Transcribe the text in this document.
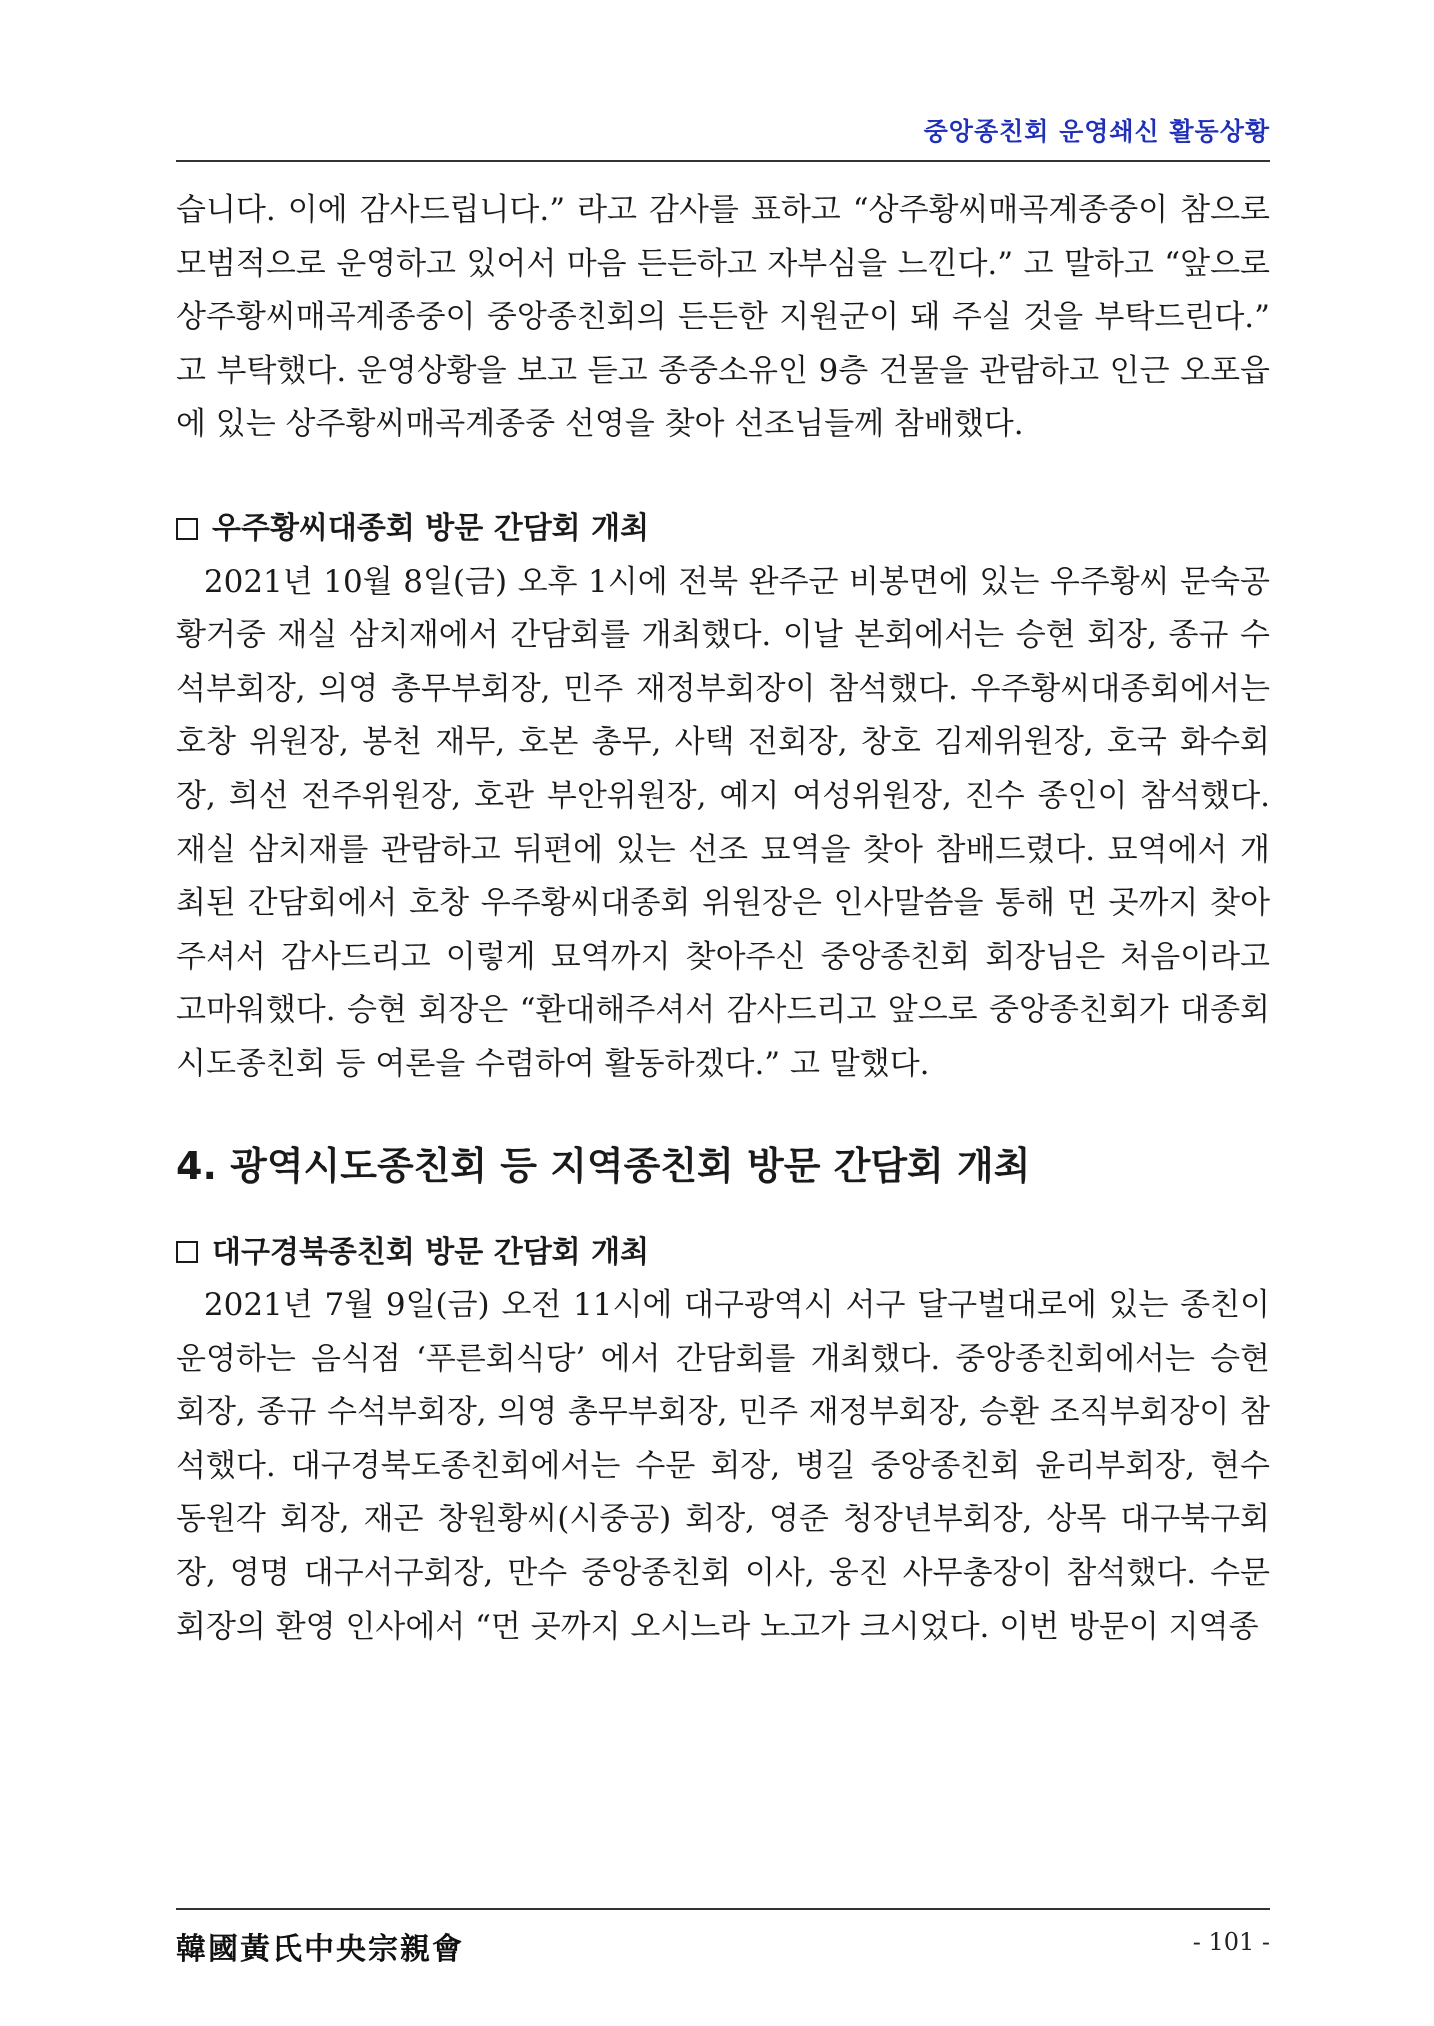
중앙종친회 운영쇄신 활동상황

습니다. 이에 감사드립니다.” 라고 감사를 표하고 “상주황씨매곡계종중이 참으로 모범적으로 운영하고 있어서 마음 든든하고 자부심을 느낀다.” 고 말하고 “앞으로 상주황씨매곡계종중이 중앙종친회의 든든한 지원군이 돼 주실 것을 부탁드린다.” 고 부탁했다. 운영상황을 보고 듣고 종중소유인 9층 건물을 관람하고 인근 오포읍에 있는 상주황씨매곡계종중 선영을 찾아 선조님들께 참배했다.

우주황씨대종회 방문 간담회 개최

2021년 10월 8일(금) 오후 1시에 전북 완주군 비봉면에 있는 우주황씨 문숙공 황거중 재실 삼치재에서 간담회를 개최했다. 이날 본회에서는 승현 회장, 종규 수석부회장, 의영 총무부회장, 민주 재정부회장이 참석했다. 우주황씨대종회에서는 호창 위원장, 봉천 재무, 호본 총무, 사택 전회장, 창호 김제위원장, 호국 화수회장, 희선 전주위원장, 호관 부안위원장, 예지 여성위원장, 진수 종인이 참석했다. 재실 삼치재를 관람하고 뒤편에 있는 선조 묘역을 찾아 참배드렸다. 묘역에서 개최된 간담회에서 호창 우주황씨대종회 위원장은 인사말씀을 통해 먼 곳까지 찾아 주셔서 감사드리고 이렇게 묘역까지 찾아주신 중앙종친회 회장님은 처음이라고 고마워했다. 승현 회장은 “환대해주셔서 감사드리고 앞으로 중앙종친회가 대종회 시도종친회 등 여론을 수렴하여 활동하겠다.” 고 말했다.

4. 광역시도종친회 등 지역종친회 방문 간담회 개최
대구경북종친회 방문 간담회 개최

2021년 7월 9일(금) 오전 11시에 대구광역시 서구 달구벌대로에 있는 종친이 운영하는 음식점 ‘푸른회식당’ 에서 간담회를 개최했다. 중앙종친회에서는 승현 회장, 종규 수석부회장, 의영 총무부회장, 민주 재정부회장, 승환 조직부회장이 참석했다. 대구경북도종친회에서는 수문 회장, 병길 중앙종친회 윤리부회장, 현수 동원각 회장, 재곤 창원황씨(시중공) 회장, 영준 청장년부회장, 상목 대구북구회장, 영명 대구서구회장, 만수 중앙종친회 이사, 웅진 사무총장이 참석했다. 수문 회장의 환영 인사에서 “먼 곳까지 오시느라 노고가 크시었다. 이번 방문이 지역종

韓國黃氏中央宗親會	- 101 -
